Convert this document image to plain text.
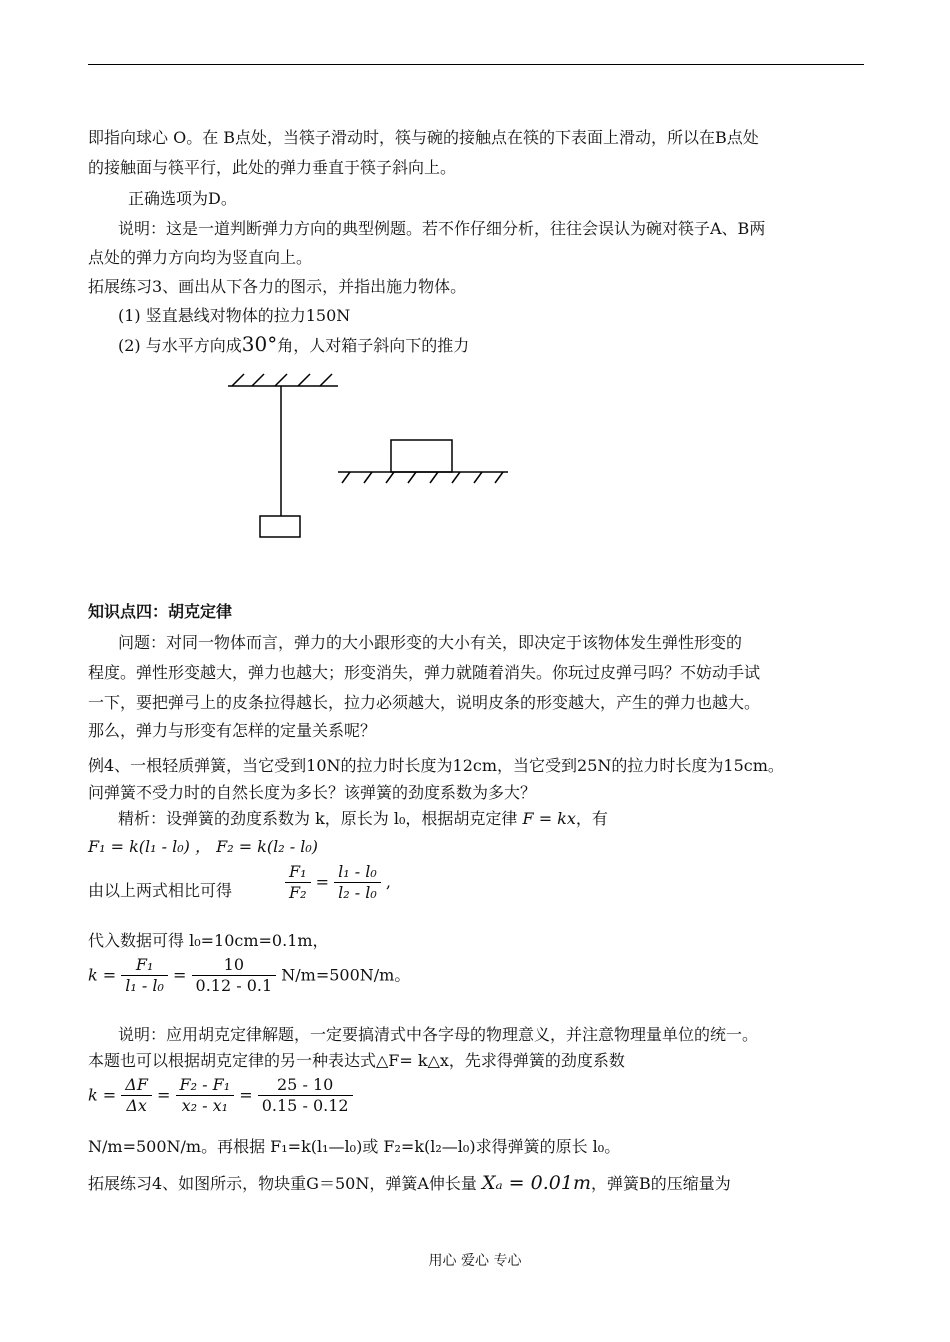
即指向球心 O。在 B点处，当筷子滑动时，筷与碗的接触点在筷的下表面上滑动，所以在B点处
的接触面与筷平行，此处的弹力垂直于筷子斜向上。
正确选项为D。
说明：这是一道判断弹力方向的典型例题。若不作仔细分析，往往会误认为碗对筷子A、B两
点处的弹力方向均为竖直向上。
拓展练习3、画出从下各力的图示，并指出施力物体。
(1) 竖直悬线对物体的拉力150N
(2) 与水平方向成30°角，人对箱子斜向下的推力
知识点四：胡克定律
问题：对同一物体而言，弹力的大小跟形变的大小有关，即决定于该物体发生弹性形变的
程度。弹性形变越大，弹力也越大；形变消失，弹力就随着消失。你玩过皮弹弓吗？不妨动手试
一下，要把弹弓上的皮条拉得越长，拉力必须越大，说明皮条的形变越大，产生的弹力也越大。
那么，弹力与形变有怎样的定量关系呢？
例4、一根轻质弹簧，当它受到10N的拉力时长度为12cm，当它受到25N的拉力时长度为15cm。
问弹簧不受力时的自然长度为多长？该弹簧的劲度系数为多大？
精析：设弹簧的劲度系数为 k，原长为 l₀，根据胡克定律 F = kx，有
F₁ = k(l₁ - l₀) ， F₂ = k(l₂ - l₀)
由以上两式相比可得	$\frac{\text{F₁}}{\text{F₂}} = \frac{\text{l₁ - l₀}}{\text{l₂ - l₀}}$ ,
代入数据可得 l₀=10cm=0.1m，
$k = \frac{\text{F₁}}{\text{l₁ - l₀}} = \frac{10}{0.12 - 0.1} N/m=500N/m$。
说明：应用胡克定律解题，一定要搞清式中各字母的物理意义，并注意物理量单位的统一。
本题也可以根据胡克定律的另一种表达式△F= k△x，先求得弹簧的劲度系数
$k = \frac{\Delta F}{\Delta x} = \frac{\text{F₂ - F₁}}{\text{x₂ - x₁}} = \frac{25 - 10}{0.15 - 0.12}$
N/m=500N/m。再根据 F₁=k(l₁—l₀)或 F₂=k(l₂—l₀)求得弹簧的原长 l₀。
拓展练习4、如图所示，物块重G＝50N，弹簧A伸长量 Xₐ = 0.01m，弹簧B的压缩量为
用心 爱心 专心
